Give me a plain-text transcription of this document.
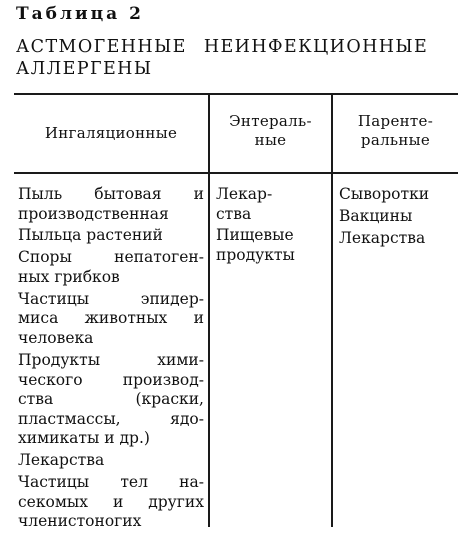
Таблица 2
АСТМОГЕННЫЕ НЕИНФЕКЦИОННЫЕ
АЛЛЕРГЕНЫ
Ингаляционные
Энтераль-
ные
Паренте-
ральные
Пыль бытовая и
производственная
Пыльца растений
Споры непатоген-
ных грибков
Частицы эпидер-
миса животных и
человека
Продукты хими-
ческого производ-
ства (краски,
пластмассы, ядо-
химикаты и др.)
Лекарства
Частицы тел на-
секомых и других
членистоногих
Лекар-
ства
Пищевые
продукты
Сыворотки
Вакцины
Лекарства
